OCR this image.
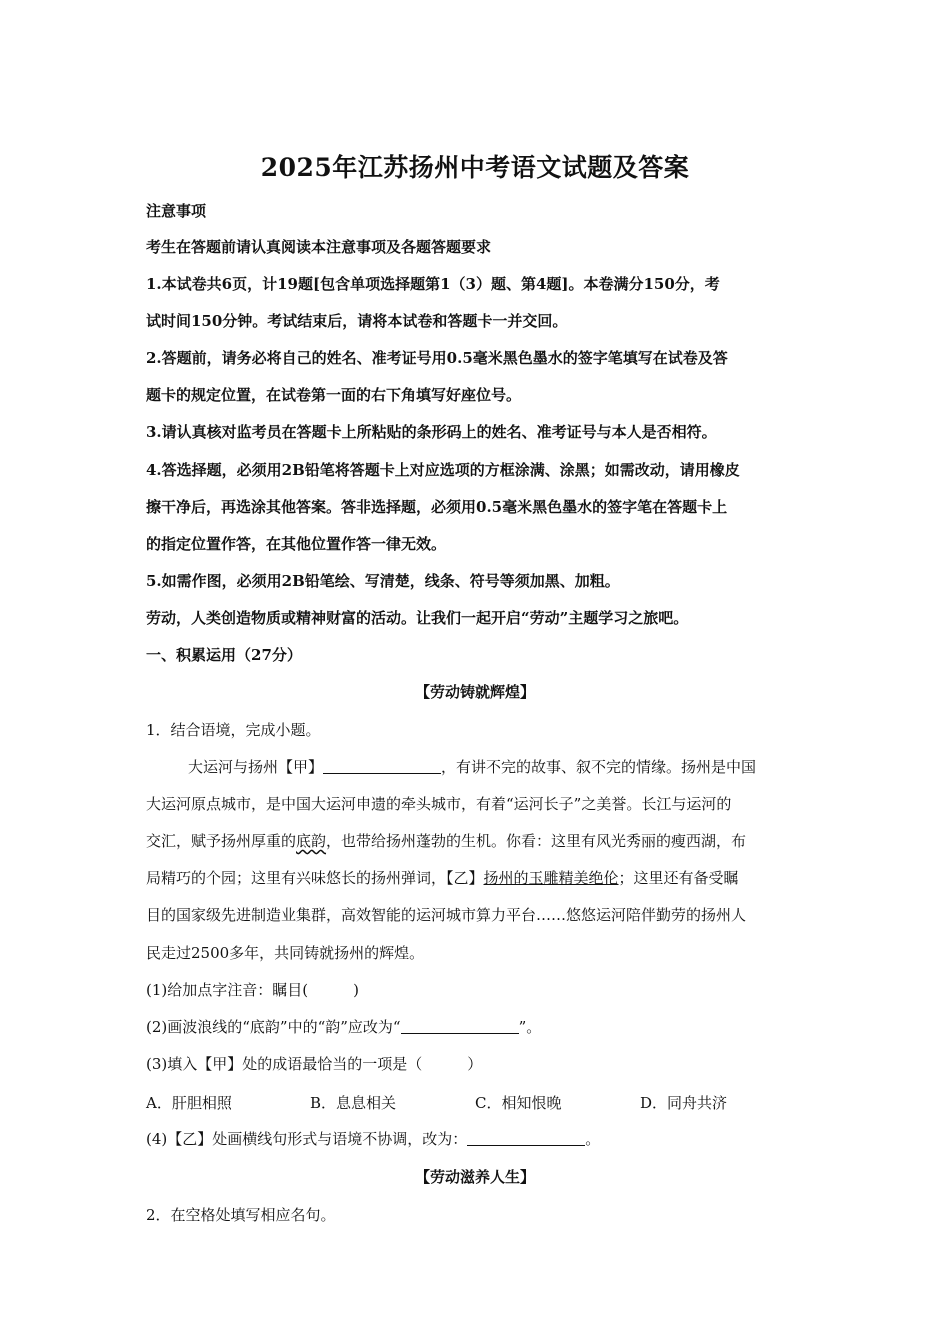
2025年江苏扬州中考语文试题及答案
注意事项
考生在答题前请认真阅读本注意事项及各题答题要求
1.本试卷共6页，计19题[包含单项选择题第1（3）题、第4题]。本卷满分150分，考
试时间150分钟。考试结束后，请将本试卷和答题卡一并交回。
2.答题前，请务必将自己的姓名、准考证号用0.5毫米黑色墨水的签字笔填写在试卷及答
题卡的规定位置，在试卷第一面的右下角填写好座位号。
3.请认真核对监考员在答题卡上所粘贴的条形码上的姓名、准考证号与本人是否相符。
4.答选择题，必须用2B铅笔将答题卡上对应选项的方框涂满、涂黑；如需改动，请用橡皮
擦干净后，再选涂其他答案。答非选择题，必须用0.5毫米黑色墨水的签字笔在答题卡上
的指定位置作答，在其他位置作答一律无效。
5.如需作图，必须用2B铅笔绘、写清楚，线条、符号等须加黑、加粗。
劳动，人类创造物质或精神财富的活动。让我们一起开启“劳动”主题学习之旅吧。
一、积累运用（27分）
【劳动铸就辉煌】
1．结合语境，完成小题。
大运河与扬州【甲】	，有讲不完的故事、叙不完的情缘。扬州是中国
大运河原点城市，是中国大运河申遗的牵头城市，有着“运河长子”之美誉。长江与运河的
交汇，赋予扬州厚重的底韵，也带给扬州蓬勃的生机。你看：这里有风光秀丽的瘦西湖，布
局精巧的个园；这里有兴味悠长的扬州弹词，【乙】扬州的玉雕精美绝伦；这里还有备受瞩
目的国家级先进制造业集群，高效智能的运河城市算力平台……悠悠运河陪伴勤劳的扬州人
民走过2500多年，共同铸就扬州的辉煌。
(1)给加点字注音：瞩目(　　　)
(2)画波浪线的“底韵”中的“韵”应改为“	”。
(3)填入【甲】处的成语最恰当的一项是（　　　）
A．肝胆相照	B．息息相关	C．相知恨晚	D．同舟共济
(4)【乙】处画横线句形式与语境不协调，改为：	。
【劳动滋养人生】
2．在空格处填写相应名句。
